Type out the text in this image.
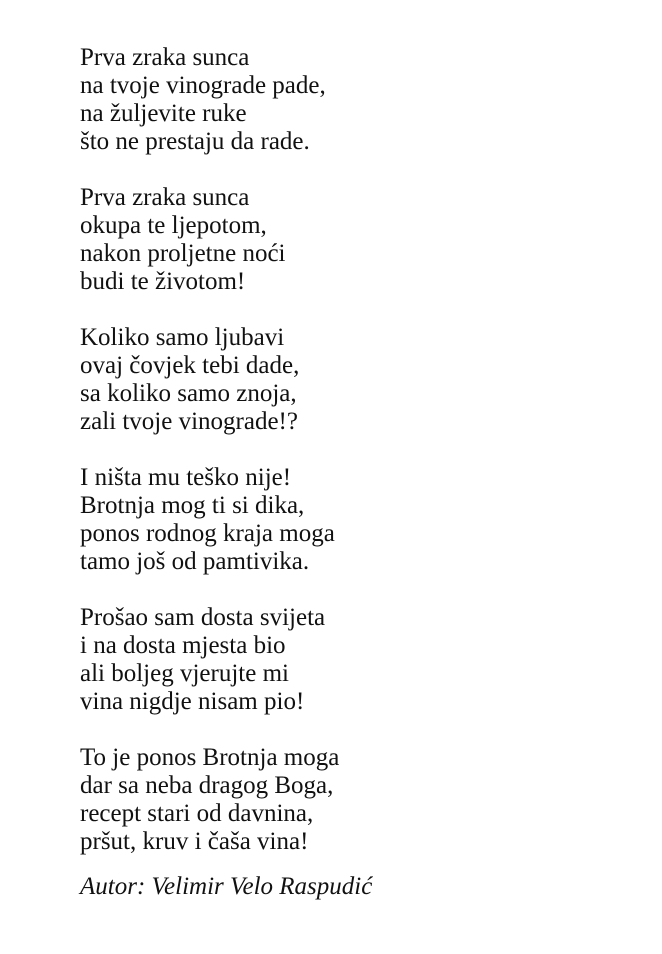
Prva zraka sunca
na tvoje vinograde pade,
na žuljevite ruke
što ne prestaju da rade.
Prva zraka sunca
okupa te ljepotom,
nakon proljetne noći
budi te životom!
Koliko samo ljubavi
ovaj čovjek tebi dade,
sa koliko samo znoja,
zali tvoje vinograde!?
I ništa mu teško nije!
Brotnja mog ti si dika,
ponos rodnog kraja moga
tamo još od pamtivika.
Prošao sam dosta svijeta
i na dosta mjesta bio
ali boljeg vjerujte mi
vina nigdje nisam pio!
To je ponos Brotnja moga
dar sa neba dragog Boga,
recept stari od davnina,
pršut, kruv i čaša vina!
Autor: Velimir Velo Raspudić
